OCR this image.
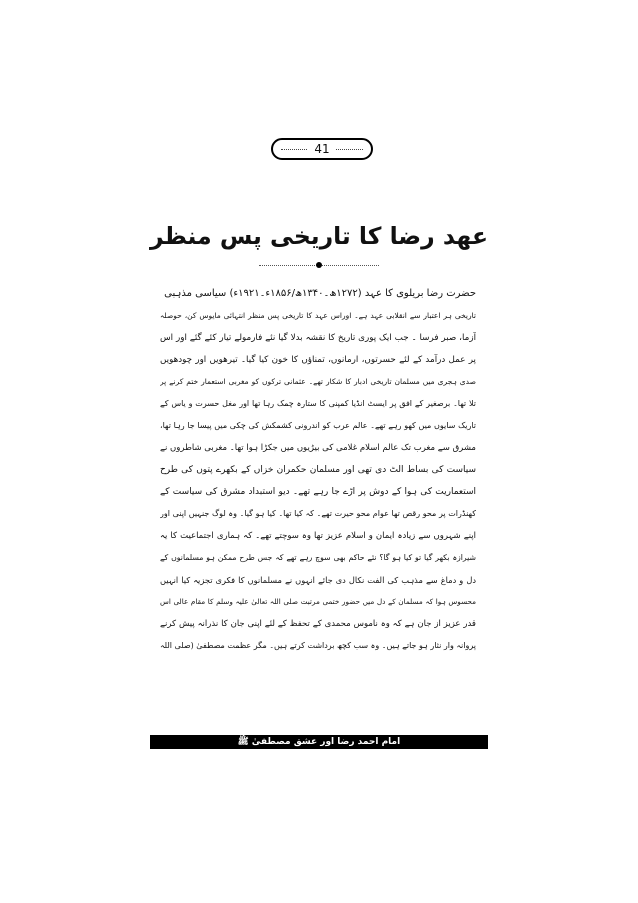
41
عهد رضا کا تاریخی پس منظر
حضرت رضا بریلوی کا عہد (۱۲۷۲ھ۔۱۳۴۰ھ/۱۸۵۶ء۔۱۹۲۱ء) سیاسی مذہبی
تاریخی ہر اعتبار سے انقلابی عہد ہے۔ اوراس عہد کا تاریخی پس منظر انتہائی مایوس کن، حوصلہ
آزما، صبر فرسا ۔ جب ایک پوری تاریخ کا نقشہ بدلا گیا نئے فارمولے تیار کئے گئے اور اس
پر عمل درآمد کے لئے حسرتوں، ارمانوں، تمناؤں کا خون کیا گیا۔ تیرھویں اور چودھویں
صدی ہجری میں مسلمان تاریخی ادبار کا شکار تھے۔ عثمانی ترکوں کو مغربی استعمار ختم کرنے پر
تلا تھا۔ برصغیر کے افق پر ایسٹ انڈیا کمپنی کا ستارہ چمک رہا تھا اور مغل حسرت و یاس کے
تاریک سایوں میں کھو رہے تھے۔ عالم عرب کو اندرونی کشمکش کی چکی میں پیسا جا رہا تھا،
مشرق سے مغرب تک عالم اسلام غلامی کی بیڑیوں میں جکڑا ہوا تھا۔ مغربی شاطروں نے
سیاست کی بساط الٹ دی تھی اور مسلمان حکمران خزاں کے بکھرے پتوں کی طرح
استعماریت کی ہوا کے دوش پر اڑے جا رہے تھے۔ دیو استبداد مشرق کی سیاست کے
کھنڈرات پر محو رقص تھا عوام محو حیرت تھے۔ کہ کیا تھا۔ کیا ہو گیا۔ وہ لوگ جنہیں اپنی اور
اپنے شہروں سے زیادہ ایمان و اسلام عزیز تھا وہ سوچتے تھے۔ کہ ہماری اجتماعیت کا یہ
شیرازہ بکھر گیا تو کیا ہو گا؟ نئے حاکم بھی سوچ رہے تھے کہ جس طرح ممکن ہو مسلمانوں کے
دل و دماغ سے مذہب کی الفت نکال دی جائے انہوں نے مسلمانوں کا فکری تجزیہ کیا انہیں
محسوس ہوا کہ مسلمان کے دل میں حضور ختمی مرتبت صلی اللہ تعالیٰ علیہ وسلم کا مقام عالی اس
قدر عزیز از جان ہے کہ وہ ناموس محمدی کے تحفظ کے لئے اپنی جان کا نذرانہ پیش کرنے
پروانہ وار نثار ہو جاتے ہیں۔ وہ سب کچھ برداشت کرتے ہیں۔ مگر عظمت مصطفیٰ (صلی اللہ
امام احمد رضا اور عشق مصطفیٰ ﷺ
